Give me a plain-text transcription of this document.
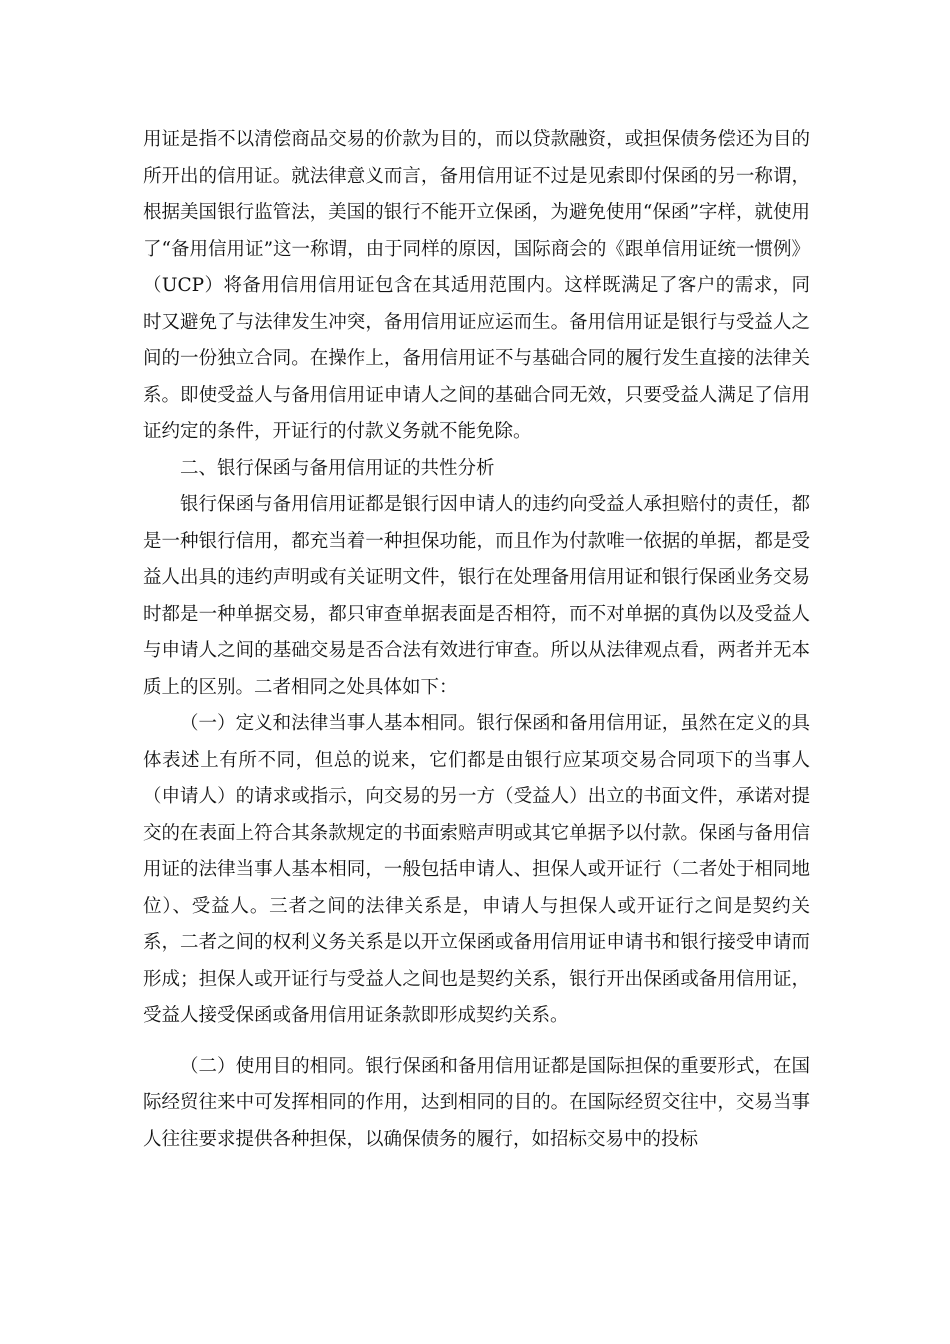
用证是指不以清偿商品交易的价款为目的，而以贷款融资，或担保债务偿还为目的所开出的信用证。就法律意义而言，备用信用证不过是见索即付保函的另一称谓，根据美国银行监管法，美国的银行不能开立保函，为避免使用“保函”字样，就使用了“备用信用证”这一称谓，由于同样的原因，国际商会的《跟单信用证统一惯例》（UCP）将备用信用信用证包含在其适用范围内。这样既满足了客户的需求，同时又避免了与法律发生冲突，备用信用证应运而生。备用信用证是银行与受益人之间的一份独立合同。在操作上，备用信用证不与基础合同的履行发生直接的法律关系。即使受益人与备用信用证申请人之间的基础合同无效，只要受益人满足了信用证约定的条件，开证行的付款义务就不能免除。

二、银行保函与备用信用证的共性分析

银行保函与备用信用证都是银行因申请人的违约向受益人承担赔付的责任，都是一种银行信用，都充当着一种担保功能，而且作为付款唯一依据的单据，都是受益人出具的违约声明或有关证明文件，银行在处理备用信用证和银行保函业务交易时都是一种单据交易，都只审查单据表面是否相符，而不对单据的真伪以及受益人与申请人之间的基础交易是否合法有效进行审查。所以从法律观点看，两者并无本质上的区别。二者相同之处具体如下：

（一）定义和法律当事人基本相同。银行保函和备用信用证，虽然在定义的具体表述上有所不同，但总的说来，它们都是由银行应某项交易合同项下的当事人（申请人）的请求或指示，向交易的另一方（受益人）出立的书面文件，承诺对提交的在表面上符合其条款规定的书面索赔声明或其它单据予以付款。保函与备用信用证的法律当事人基本相同，一般包括申请人、担保人或开证行（二者处于相同地位）、受益人。三者之间的法律关系是，申请人与担保人或开证行之间是契约关系，二者之间的权利义务关系是以开立保函或备用信用证申请书和银行接受申请而形成；担保人或开证行与受益人之间也是契约关系，银行开出保函或备用信用证，受益人接受保函或备用信用证条款即形成契约关系。

（二）使用目的相同。银行保函和备用信用证都是国际担保的重要形式，在国际经贸往来中可发挥相同的作用，达到相同的目的。在国际经贸交往中，交易当事人往往要求提供各种担保，以确保债务的履行，如招标交易中的投标
